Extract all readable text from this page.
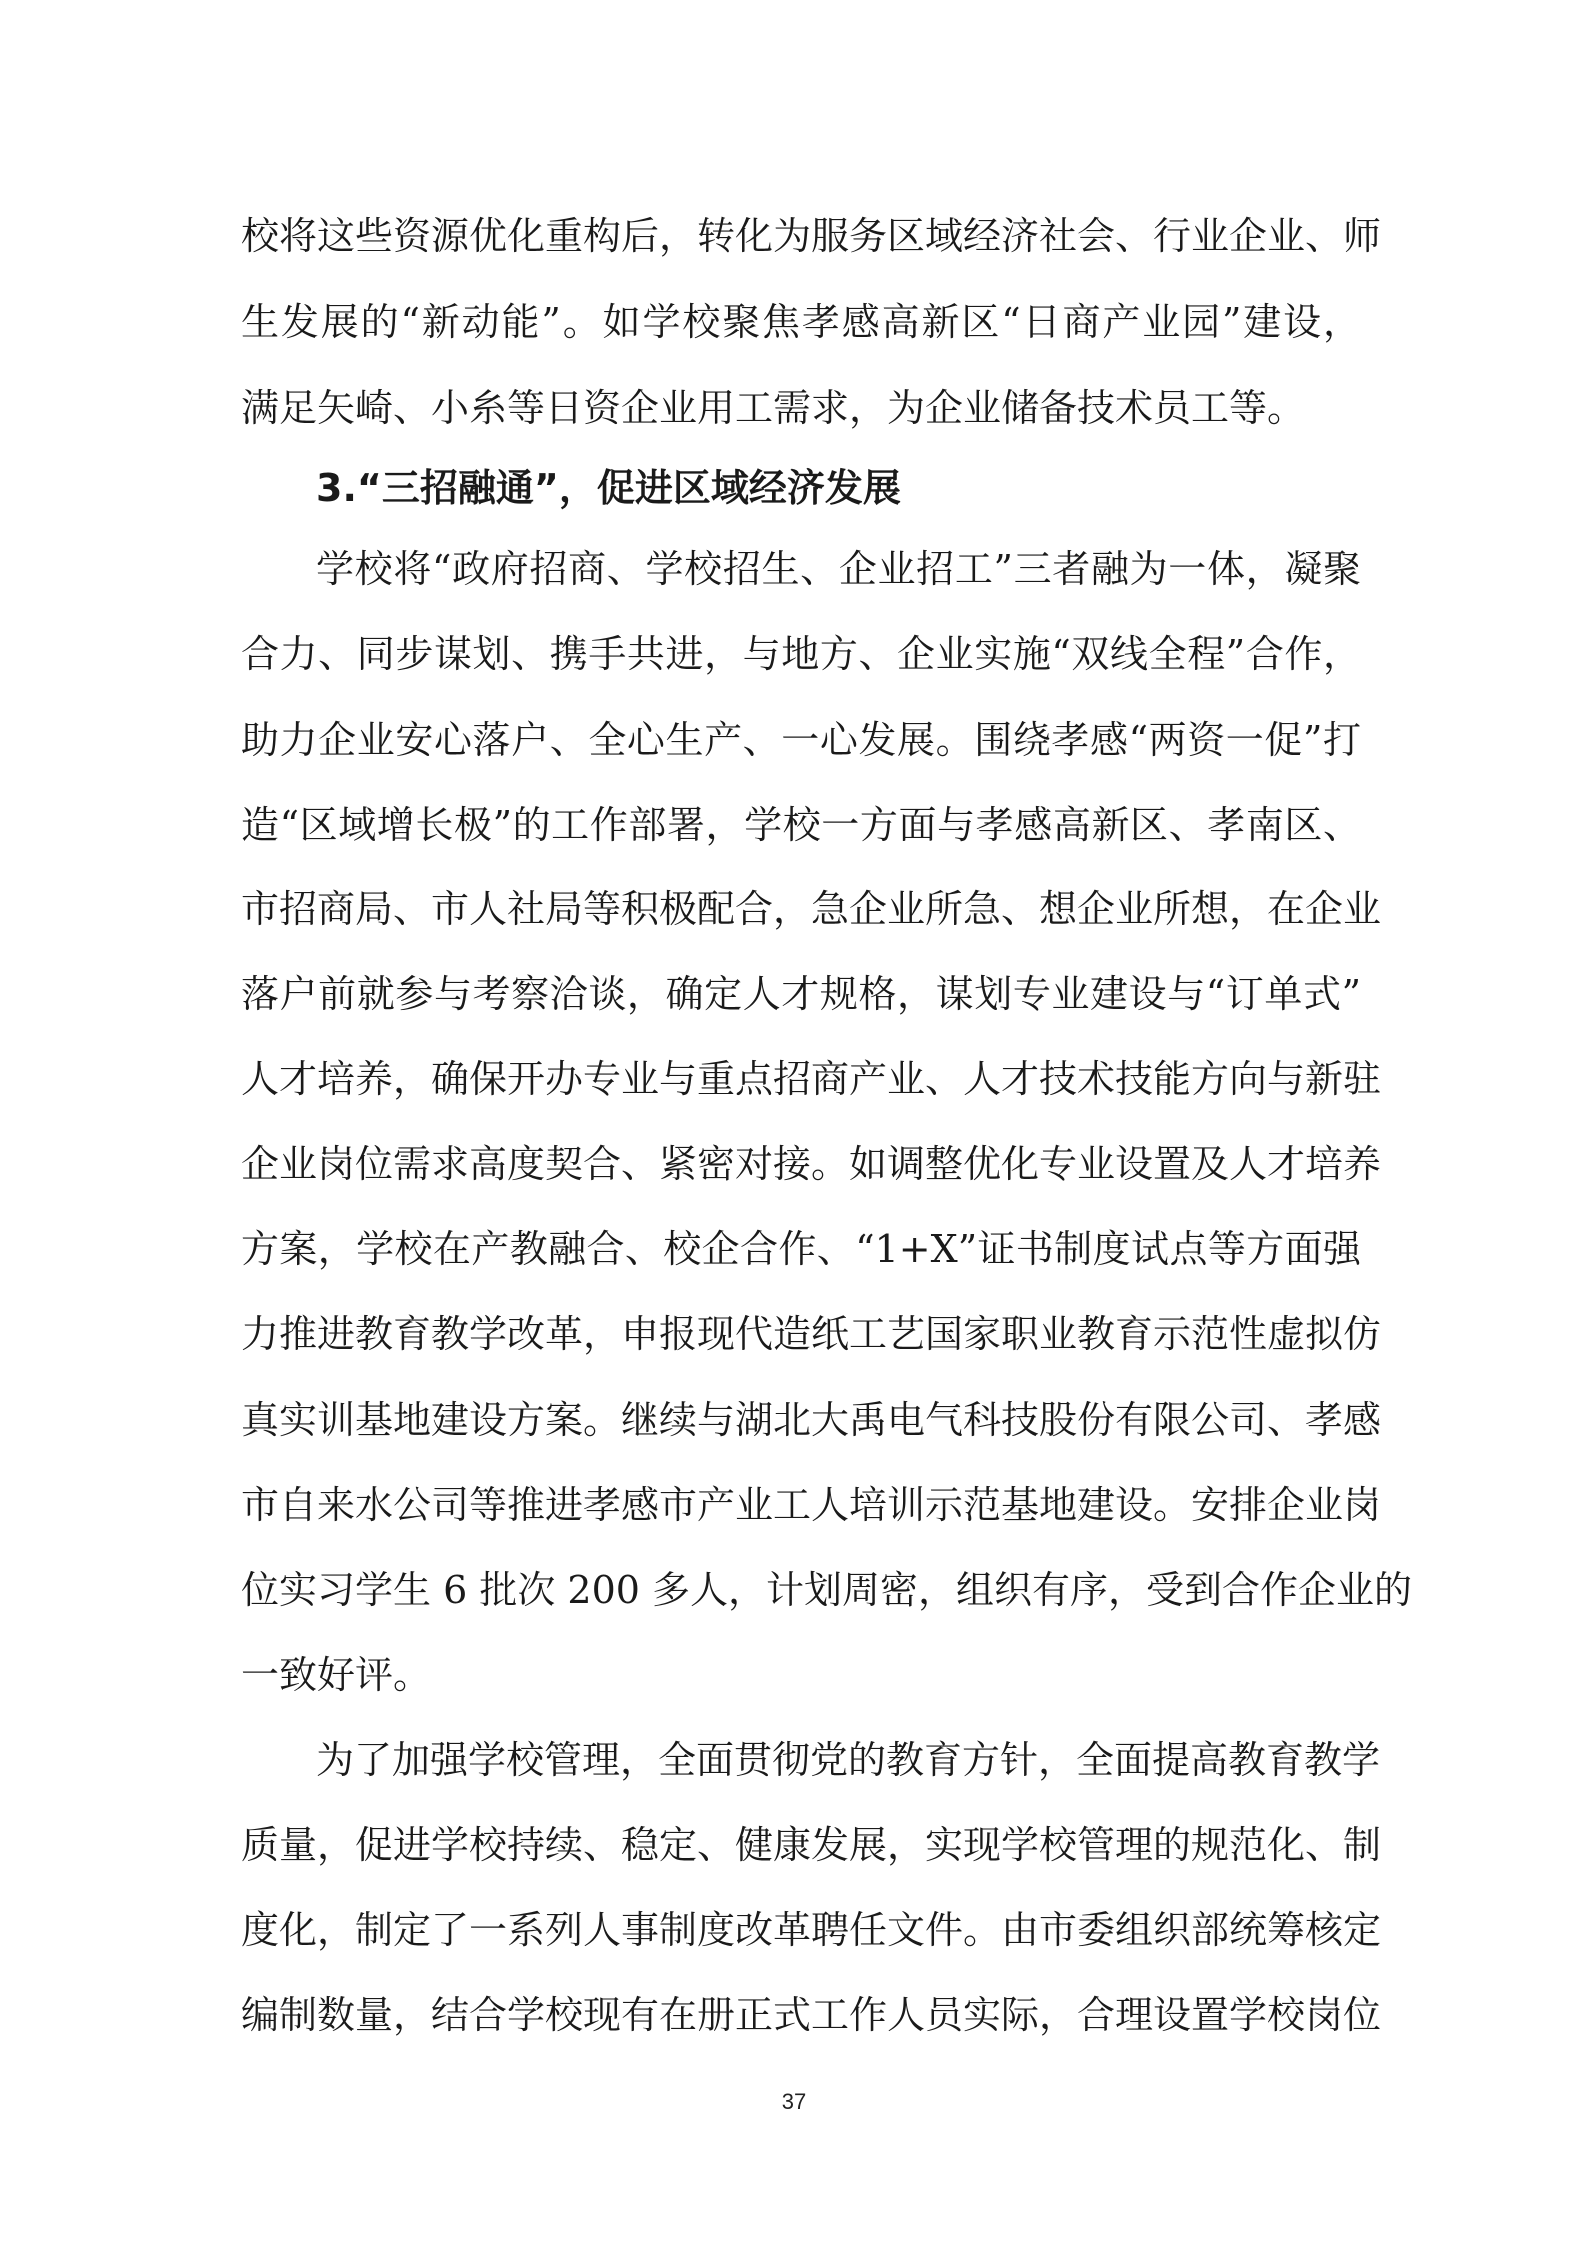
校将这些资源优化重构后，转化为服务区域经济社会、行业企业、师
生发展的“新动能”。如学校聚焦孝感高新区“日商产业园”建设，
满足矢崎、小糸等日资企业用工需求，为企业储备技术员工等。
3.“三招融通”，促进区域经济发展
学校将“政府招商、学校招生、企业招工”三者融为一体，凝聚
合力、同步谋划、携手共进，与地方、企业实施“双线全程”合作，
助力企业安心落户、全心生产、一心发展。围绕孝感“两资一促”打
造“区域增长极”的工作部署，学校一方面与孝感高新区、孝南区、
市招商局、市人社局等积极配合，急企业所急、想企业所想，在企业
落户前就参与考察洽谈，确定人才规格，谋划专业建设与“订单式”
人才培养，确保开办专业与重点招商产业、人才技术技能方向与新驻
企业岗位需求高度契合、紧密对接。如调整优化专业设置及人才培养
方案，学校在产教融合、校企合作、“1+X”证书制度试点等方面强
力推进教育教学改革，申报现代造纸工艺国家职业教育示范性虚拟仿
真实训基地建设方案。继续与湖北大禹电气科技股份有限公司、孝感
市自来水公司等推进孝感市产业工人培训示范基地建设。安排企业岗
位实习学生 6 批次 200 多人，计划周密，组织有序，受到合作企业的
一致好评。
为了加强学校管理，全面贯彻党的教育方针，全面提高教育教学
质量，促进学校持续、稳定、健康发展，实现学校管理的规范化、制
度化，制定了一系列人事制度改革聘任文件。由市委组织部统筹核定
编制数量，结合学校现有在册正式工作人员实际，合理设置学校岗位
37
